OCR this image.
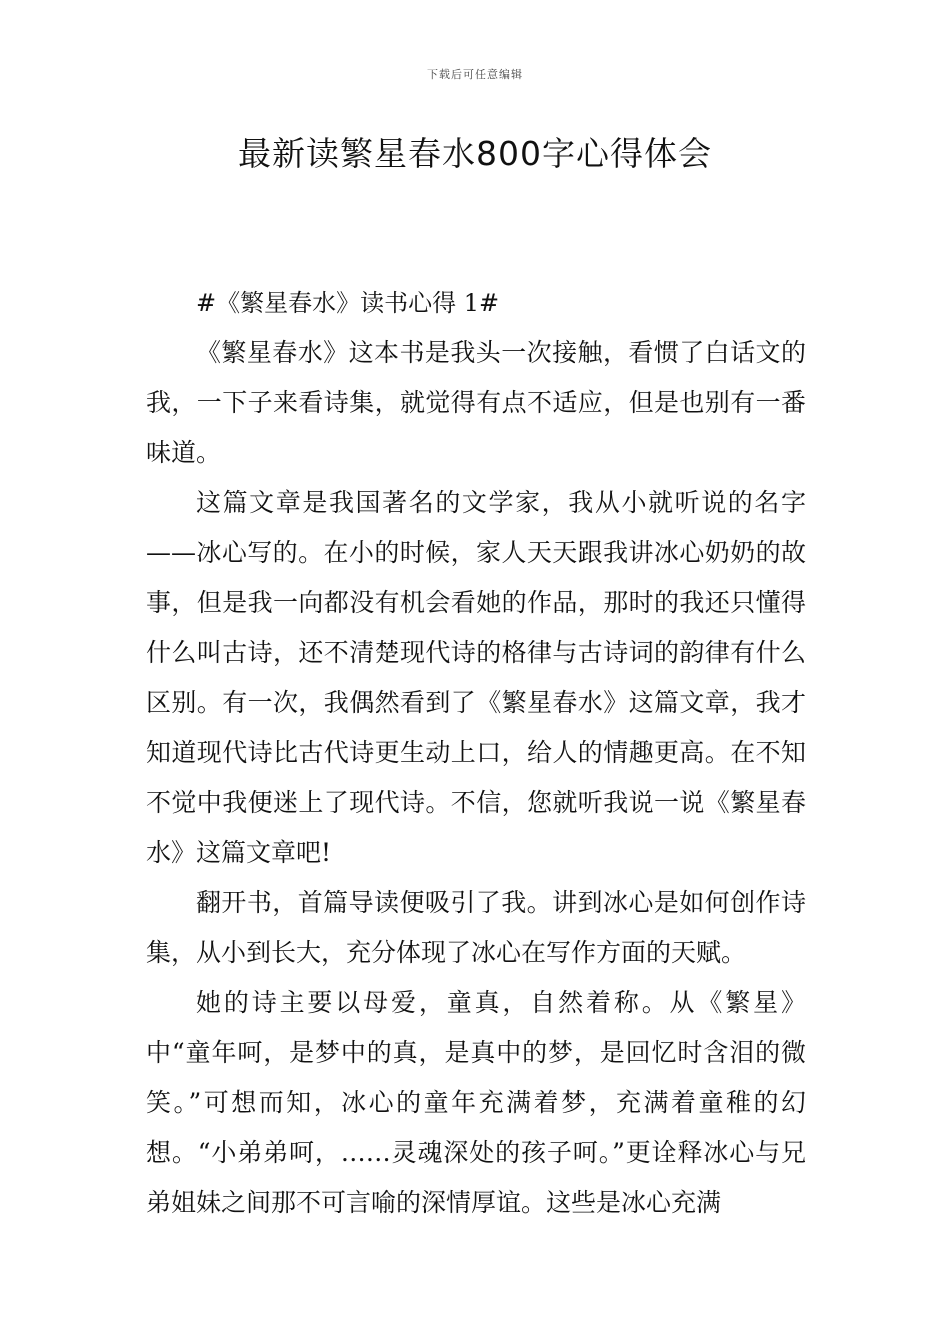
下载后可任意编辑
最新读繁星春水800字心得体会
#《繁星春水》读书心得 1#

《繁星春水》这本书是我头一次接触，看惯了白话文的我，一下子来看诗集，就觉得有点不适应，但是也别有一番味道。

这篇文章是我国著名的文学家，我从小就听说的名字——冰心写的。在小的时候，家人天天跟我讲冰心奶奶的故事，但是我一向都没有机会看她的作品，那时的我还只懂得什么叫古诗，还不清楚现代诗的格律与古诗词的韵律有什么区别。有一次，我偶然看到了《繁星春水》这篇文章，我才知道现代诗比古代诗更生动上口，给人的情趣更高。在不知不觉中我便迷上了现代诗。不信，您就听我说一说《繁星春水》这篇文章吧!

翻开书，首篇导读便吸引了我。讲到冰心是如何创作诗集，从小到长大，充分体现了冰心在写作方面的天赋。

她的诗主要以母爱，童真，自然着称。从《繁星》中“童年呵，是梦中的真，是真中的梦，是回忆时含泪的微笑。”可想而知，冰心的童年充满着梦，充满着童稚的幻想。“小弟弟呵，……灵魂深处的孩子呵。”更诠释冰心与兄弟姐妹之间那不可言喻的深情厚谊。这些是冰心充满
